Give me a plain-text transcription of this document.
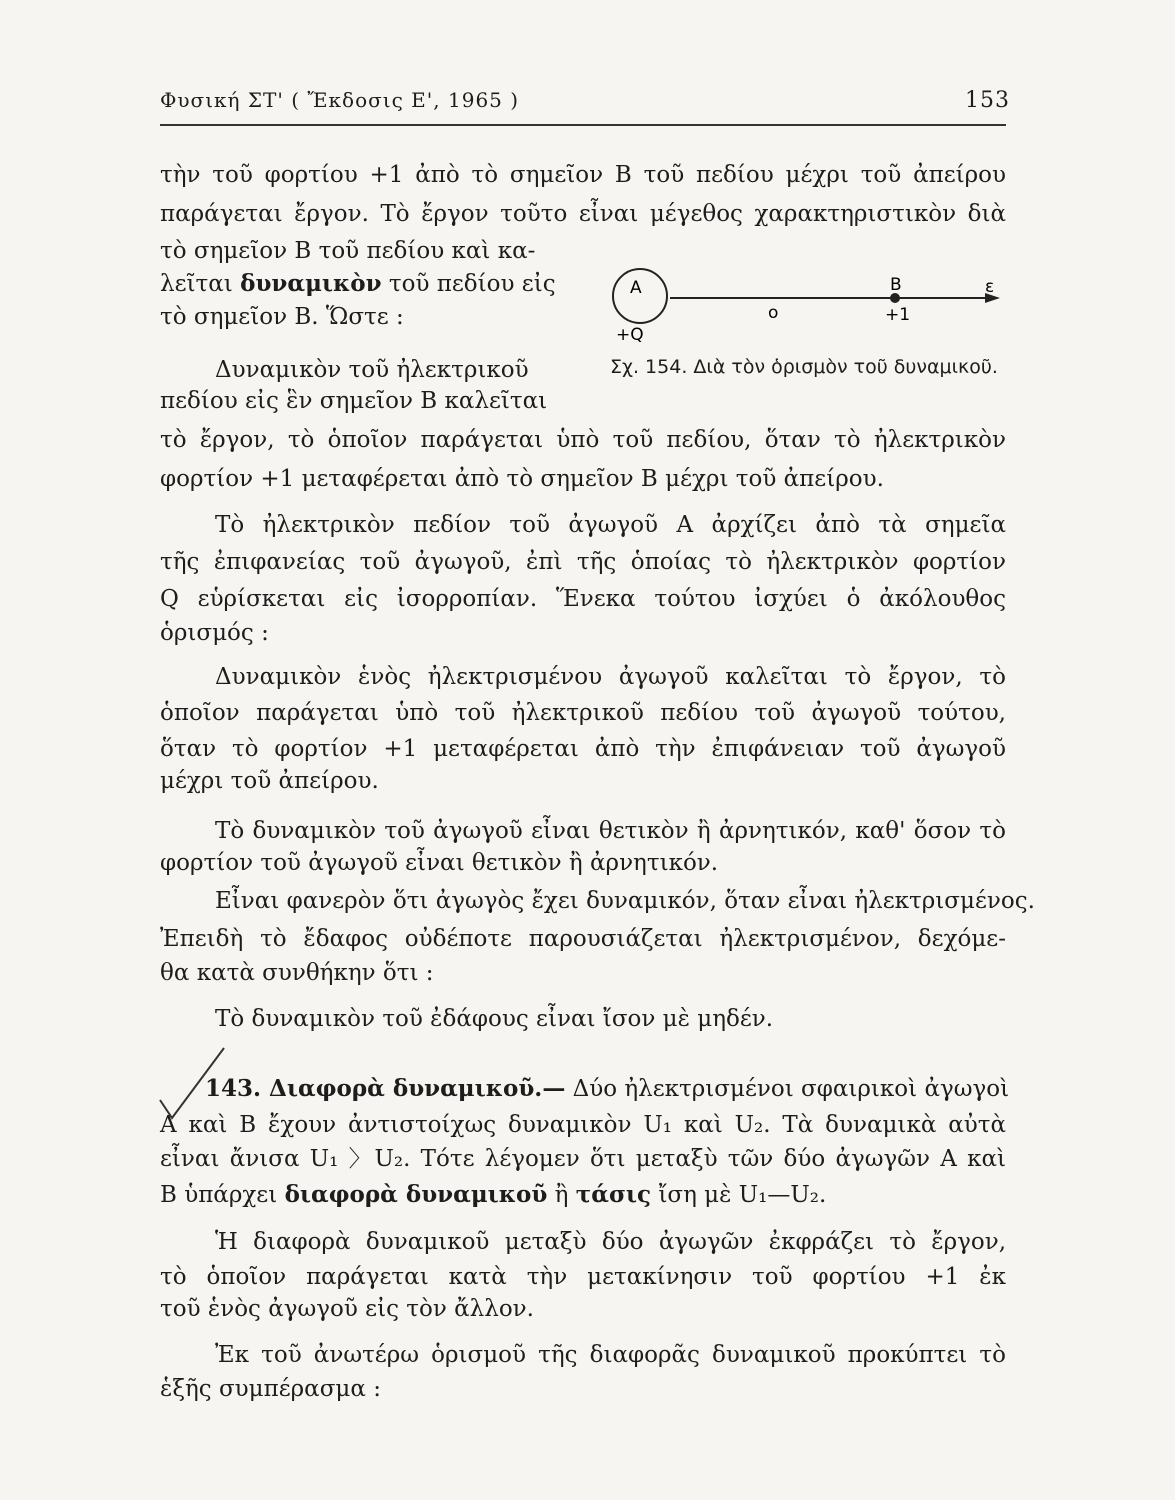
Φυσική ΣΤ' ( Ἔκδοσις Ε', 1965 )	153
τὴν τοῦ φορτίου +1 ἀπὸ τὸ σημεῖον B τοῦ πεδίου μέχρι τοῦ ἀπείρου
παράγεται ἔργον. Τὸ ἔργον τοῦτο εἶναι μέγεθος χαρακτηριστικὸν διὰ
τὸ σημεῖον B τοῦ πεδίου καὶ κα-
λεῖται δυναμικὸν τοῦ πεδίου εἰς
τὸ σημεῖον B. Ὥστε :
A	B
o	+1
ε
+Q
Σχ. 154. Διὰ τὸν ὁρισμὸν τοῦ δυναμικοῦ.
Δυναμικὸν τοῦ ἠλεκτρικοῦ
πεδίου εἰς ἓν σημεῖον B καλεῖται
τὸ ἔργον, τὸ ὁποῖον παράγεται ὑπὸ τοῦ πεδίου, ὅταν τὸ ἠλεκτρικὸν
φορτίον +1 μεταφέρεται ἀπὸ τὸ σημεῖον B μέχρι τοῦ ἀπείρου.
Τὸ ἠλεκτρικὸν πεδίον τοῦ ἀγωγοῦ A ἀρχίζει ἀπὸ τὰ σημεῖα
τῆς ἐπιφανείας τοῦ ἀγωγοῦ, ἐπὶ τῆς ὁποίας τὸ ἠλεκτρικὸν φορτίον
Q εὑρίσκεται εἰς ἰσορροπίαν. Ἕνεκα τούτου ἰσχύει ὁ ἀκόλουθος
ὁρισμός :
Δυναμικὸν ἑνὸς ἠλεκτρισμένου ἀγωγοῦ καλεῖται τὸ ἔργον, τὸ
ὁποῖον παράγεται ὑπὸ τοῦ ἠλεκτρικοῦ πεδίου τοῦ ἀγωγοῦ τούτου,
ὅταν τὸ φορτίον +1 μεταφέρεται ἀπὸ τὴν ἐπιφάνειαν τοῦ ἀγωγοῦ
μέχρι τοῦ ἀπείρου.
Τὸ δυναμικὸν τοῦ ἀγωγοῦ εἶναι θετικὸν ἢ ἀρνητικόν, καθ' ὅσον τὸ
φορτίον τοῦ ἀγωγοῦ εἶναι θετικὸν ἢ ἀρνητικόν.
Εἶναι φανερὸν ὅτι ἀγωγὸς ἔχει δυναμικόν, ὅταν εἶναι ἠλεκτρισμένος.
Ἐπειδὴ τὸ ἔδαφος οὐδέποτε παρουσιάζεται ἠλεκτρισμένον, δεχόμε-
θα κατὰ συνθήκην ὅτι :
Τὸ δυναμικὸν τοῦ ἐδάφους εἶναι ἴσον μὲ μηδέν.
143. Διαφορὰ δυναμικοῦ.— Δύο ἠλεκτρισμένοι σφαιρικοὶ ἀγωγοὶ
A καὶ B ἔχουν ἀντιστοίχως δυναμικὸν U₁ καὶ U₂. Τὰ δυναμικὰ αὐτὰ
εἶναι ἄνισα U₁ 〉U₂. Τότε λέγομεν ὅτι μεταξὺ τῶν δύο ἀγωγῶν A καὶ
B ὑπάρχει διαφορὰ δυναμικοῦ ἢ τάσις ἴση μὲ U₁—U₂.
Ἡ διαφορὰ δυναμικοῦ μεταξὺ δύο ἀγωγῶν ἐκφράζει τὸ ἔργον,
τὸ ὁποῖον παράγεται κατὰ τὴν μετακίνησιν τοῦ φορτίου +1 ἐκ
τοῦ ἑνὸς ἀγωγοῦ εἰς τὸν ἄλλον.
Ἐκ τοῦ ἀνωτέρω ὁρισμοῦ τῆς διαφορᾶς δυναμικοῦ προκύπτει τὸ
ἑξῆς συμπέρασμα :
